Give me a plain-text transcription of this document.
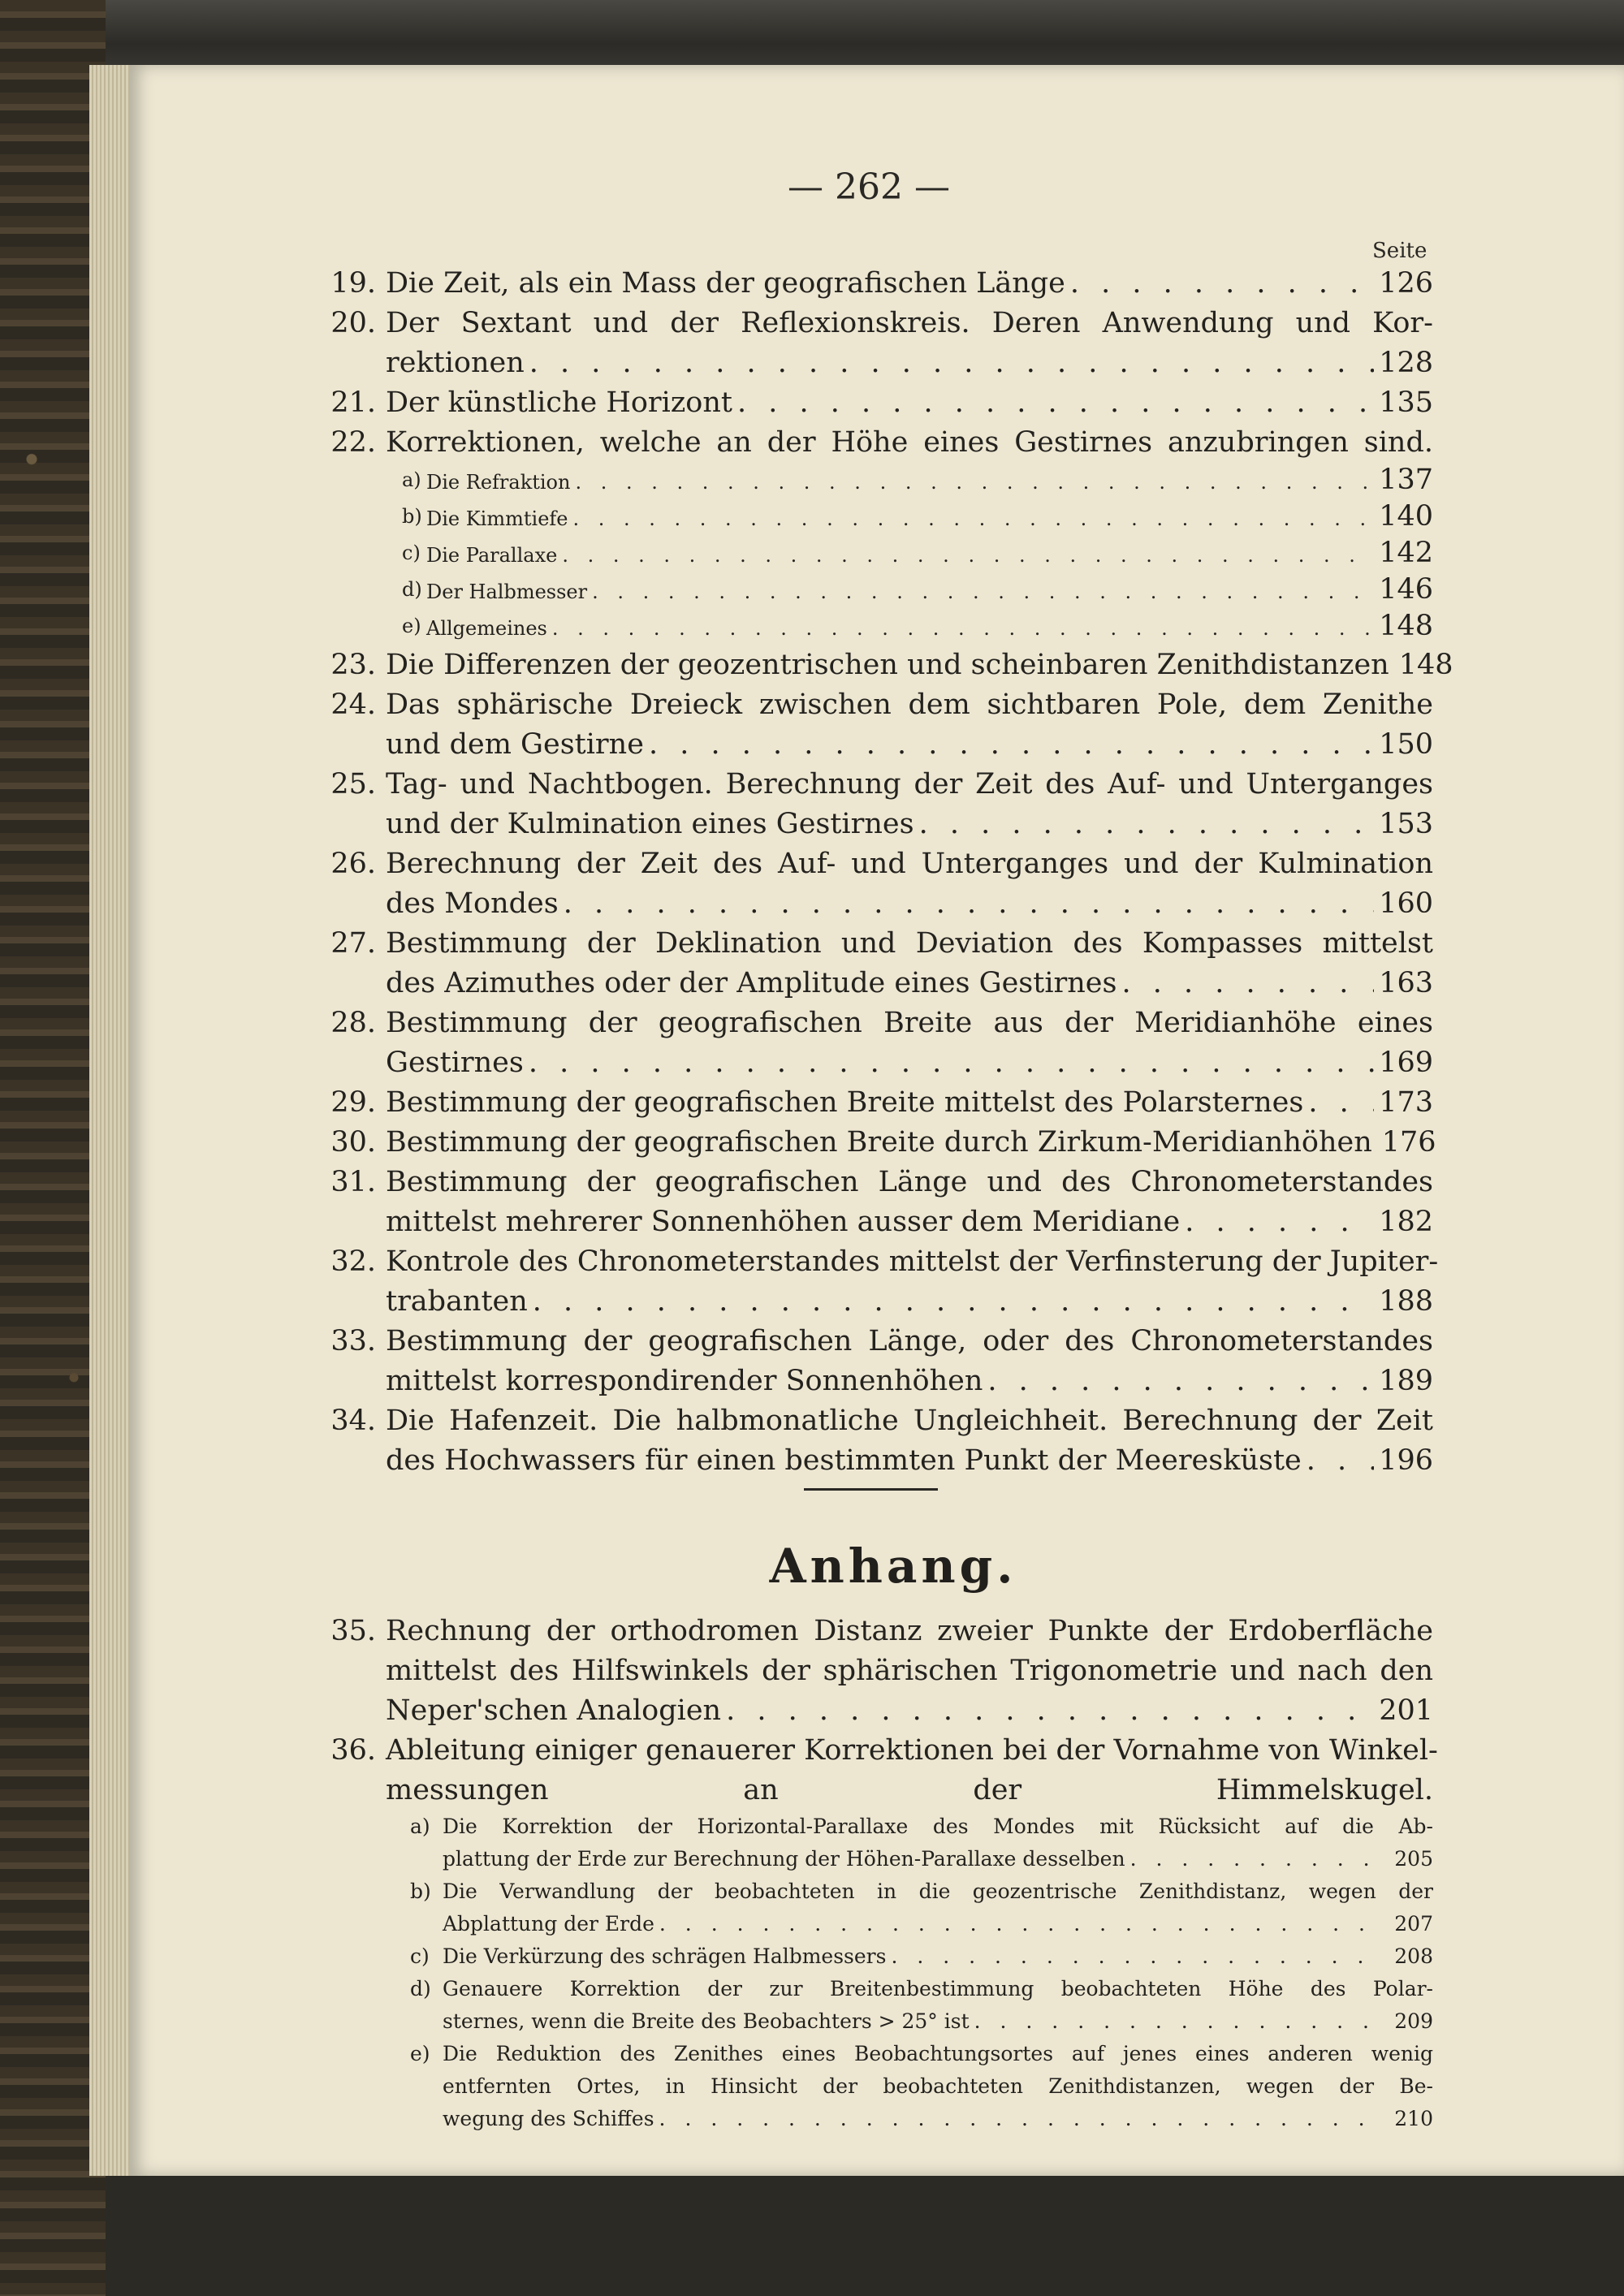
— 262 —
Seite
19. Die Zeit, als ein Mass der geografischen Länge . . .	126
20. Der Sextant und der Reflexionskreis. Deren Anwendung und Kor-
rektionen . . .	128
21. Der künstliche Horizont . . .	135
22. Korrektionen, welche an der Höhe eines Gestirnes anzubringen sind.
a) Die Refraktion . . .	137
b) Die Kimmtiefe . . .	140
c) Die Parallaxe . . .	142
d) Der Halbmesser . . .	146
e) Allgemeines . . .	148
23. Die Differenzen der geozentrischen und scheinbaren Zenithdistanzen 148
24. Das sphärische Dreieck zwischen dem sichtbaren Pole, dem Zenithe
und dem Gestirne . . .	150
25. Tag- und Nachtbogen. Berechnung der Zeit des Auf- und Unterganges
und der Kulmination eines Gestirnes . . .	153
26. Berechnung der Zeit des Auf- und Unterganges und der Kulmination
des Mondes . . .	160
27. Bestimmung der Deklination und Deviation des Kompasses mittelst
des Azimuthes oder der Amplitude eines Gestirnes . . .	163
28. Bestimmung der geografischen Breite aus der Meridianhöhe eines
Gestirnes . . .	169
29. Bestimmung der geografischen Breite mittelst des Polarsternes . . .	173
30. Bestimmung der geografischen Breite durch Zirkum-Meridianhöhen 176
31. Bestimmung der geografischen Länge und des Chronometerstandes
mittelst mehrerer Sonnenhöhen ausser dem Meridiane . . .	182
32. Kontrole des Chronometerstandes mittelst der Verfinsterung der Jupiter-
trabanten . . .	188
33. Bestimmung der geografischen Länge, oder des Chronometerstandes
mittelst korrespondirender Sonnenhöhen . . .	189
34. Die Hafenzeit. Die halbmonatliche Ungleichheit. Berechnung der Zeit
des Hochwassers für einen bestimmten Punkt der Meeresküste . . .	196
Anhang.
35. Rechnung der orthodromen Distanz zweier Punkte der Erdoberfläche
mittelst des Hilfswinkels der sphärischen Trigonometrie und nach den
Neper'schen Analogien . . .	201
36. Ableitung einiger genauerer Korrektionen bei der Vornahme von Winkel-
messungen an der Himmelskugel.
a) Die Korrektion der Horizontal-Parallaxe des Mondes mit Rücksicht auf die Ab-
plattung der Erde zur Berechnung der Höhen-Parallaxe desselben . . .	205
b) Die Verwandlung der beobachteten in die geozentrische Zenithdistanz, wegen der
Abplattung der Erde . . .	207
c) Die Verkürzung des schrägen Halbmessers . . .	208
d) Genauere Korrektion der zur Breitenbestimmung beobachteten Höhe des Polar-
sternes, wenn die Breite des Beobachters > 25° ist . . .	209
e) Die Reduktion des Zenithes eines Beobachtungsortes auf jenes eines anderen wenig
entfernten Ortes, in Hinsicht der beobachteten Zenithdistanzen, wegen der Be-
wegung des Schiffes . . .	210
